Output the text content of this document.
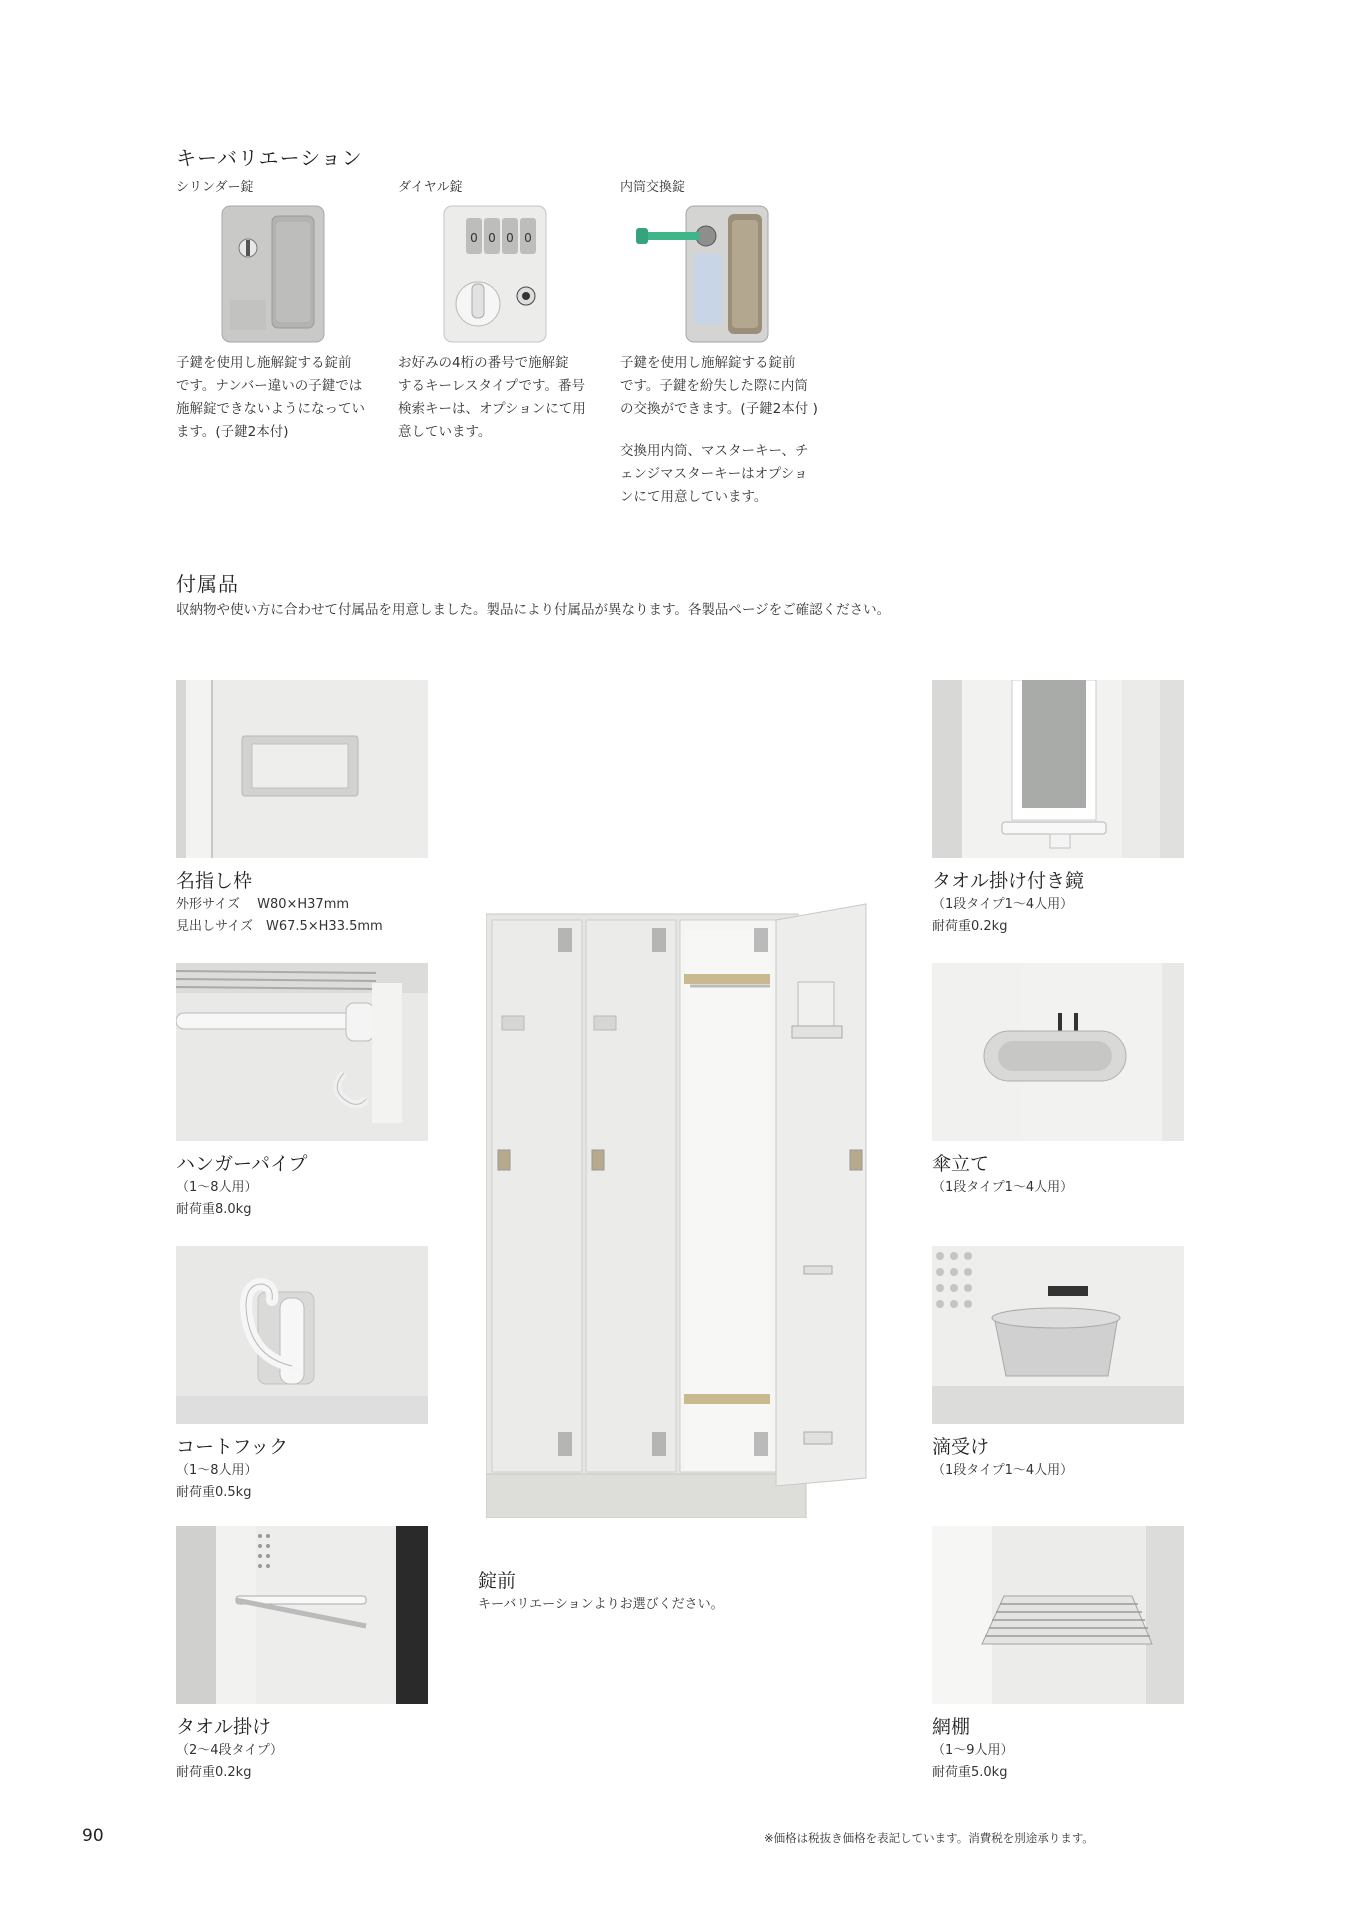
キーバリエーション
シリンダー錠
子鍵を使用し施解錠する錠前
です。ナンバー違いの子鍵では
施解錠できないようになってい
ます。(子鍵2本付)
ダイヤル錠
0 0 0 0
お好みの4桁の番号で施解錠
するキーレスタイプです。番号
検索キーは、オプションにて用
意しています。
内筒交換錠
子鍵を使用し施解錠する錠前
です。子鍵を紛失した際に内筒
の交換ができます。(子鍵2本付 )
交換用内筒、マスターキー、チ
ェンジマスターキーはオプショ
ンにて用意しています。
付属品
収納物や使い方に合わせて付属品を用意しました。製品により付属品が異なります。各製品ページをご確認ください。
名指し枠
外形サイズ　 W80×H37mm
見出しサイズ　W67.5×H33.5mm
ハンガーパイプ
（1～8人用）
耐荷重8.0kg
コートフック
（1～8人用）
耐荷重0.5kg
タオル掛け
（2～4段タイプ）
耐荷重0.2kg
錠前
キーバリエーションよりお選びください。
タオル掛け付き鏡
（1段タイプ1～4人用）
耐荷重0.2kg
傘立て
（1段タイプ1～4人用）
滴受け
（1段タイプ1～4人用）
網棚
（1～9人用）
耐荷重5.0kg
90	※価格は税抜き価格を表記しています。消費税を別途承ります。
